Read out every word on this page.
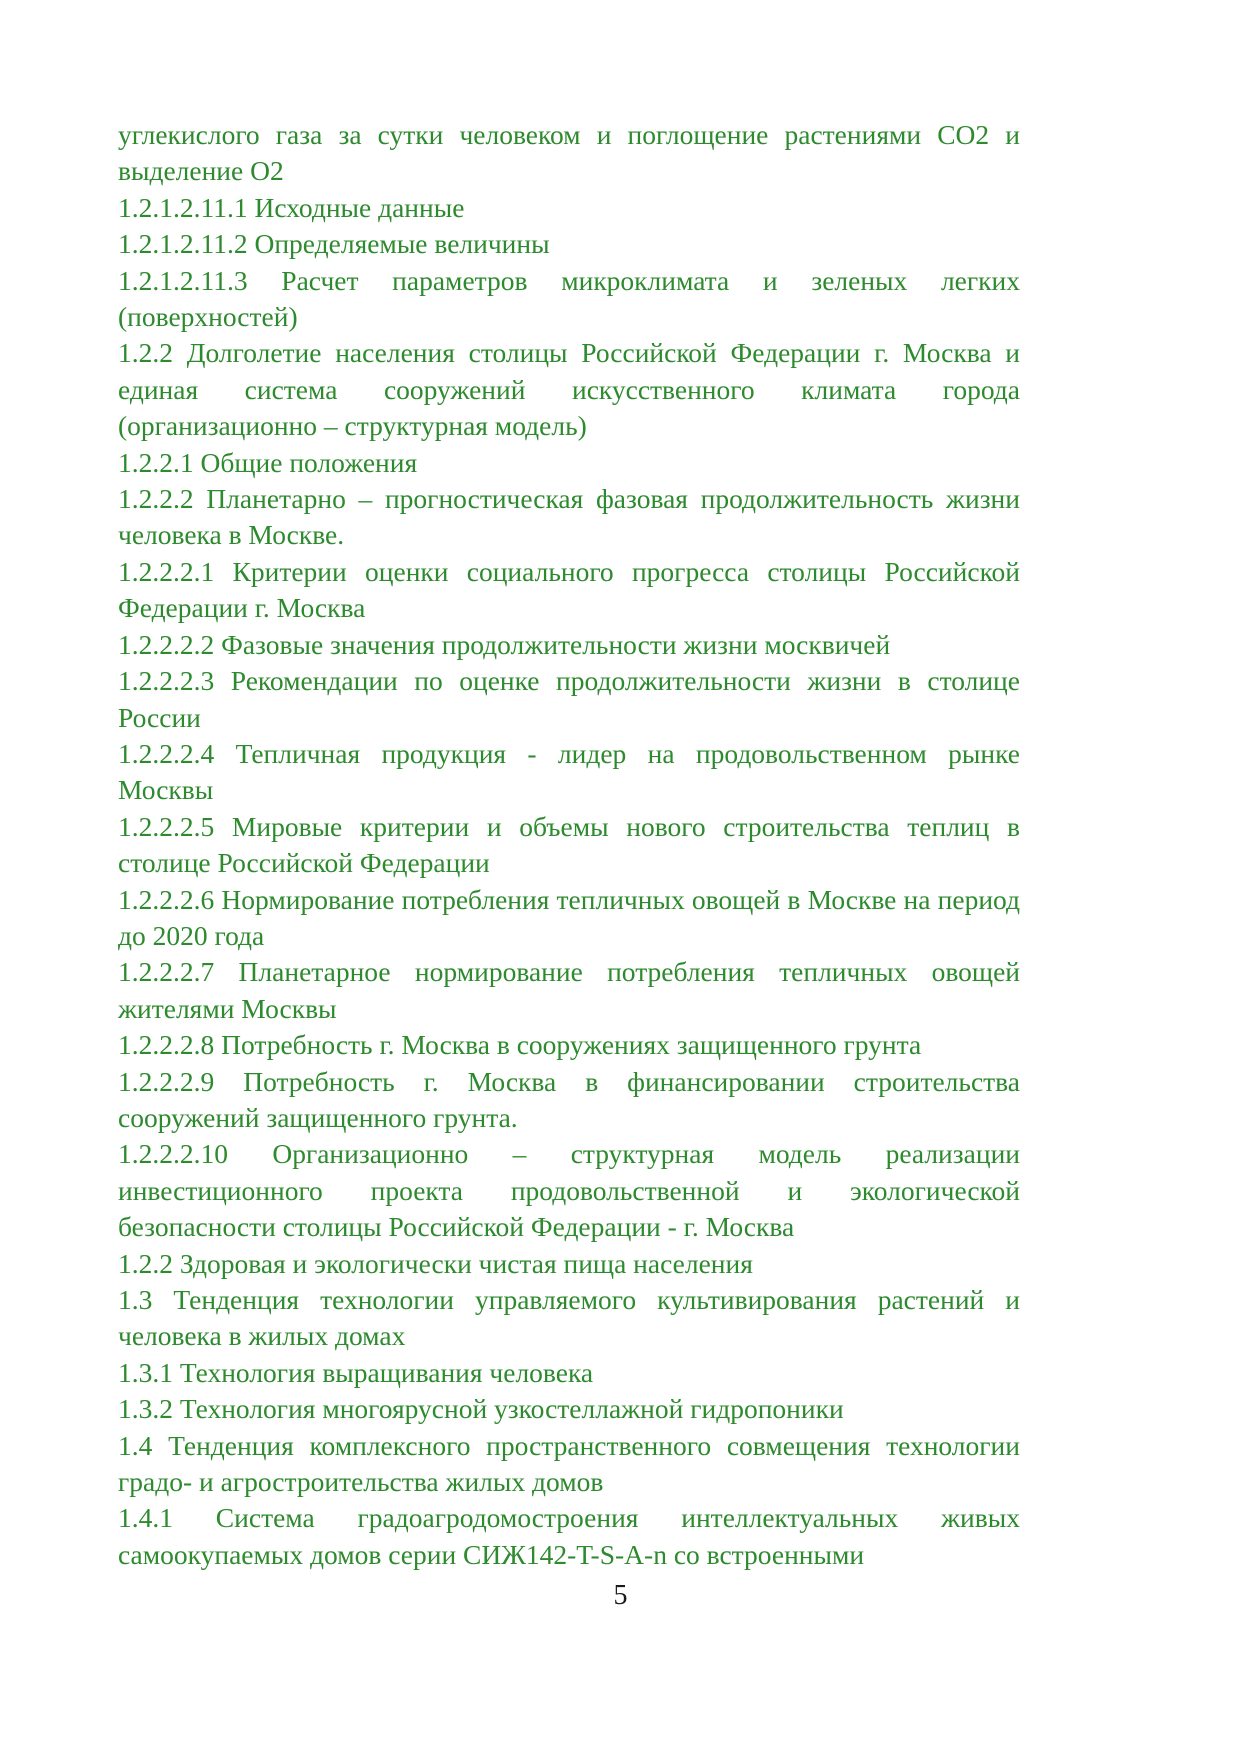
углекислого газа за сутки человеком и поглощение растениями СО2 и выделение О2

1.2.1.2.11.1 Исходные данные

1.2.1.2.11.2 Определяемые величины

1.2.1.2.11.3 Расчет параметров микроклимата и зеленых легких (поверхностей)

1.2.2 Долголетие населения столицы Российской Федерации г. Москва и единая система сооружений искусственного климата города (организационно – структурная модель)

1.2.2.1 Общие положения

1.2.2.2 Планетарно – прогностическая фазовая продолжительность жизни человека в Москве.

1.2.2.2.1 Критерии оценки социального прогресса столицы Российской Федерации г. Москва

1.2.2.2.2 Фазовые значения продолжительности жизни москвичей

1.2.2.2.3 Рекомендации по оценке продолжительности жизни в столице России

1.2.2.2.4 Тепличная продукция - лидер на продовольственном рынке Москвы

1.2.2.2.5 Мировые критерии и объемы нового строительства теплиц в столице Российской Федерации

1.2.2.2.6 Нормирование потребления тепличных овощей в Москве на период до 2020 года

1.2.2.2.7 Планетарное нормирование потребления тепличных овощей жителями Москвы

1.2.2.2.8 Потребность г. Москва в сооружениях защищенного грунта

1.2.2.2.9 Потребность г. Москва в финансировании строительства сооружений защищенного грунта.

1.2.2.2.10 Организационно – структурная модель реализации инвестиционного проекта продовольственной и экологической безопасности столицы Российской Федерации - г. Москва

1.2.2 Здоровая и экологически чистая пища населения

1.3 Тенденция технологии управляемого культивирования растений и человека в жилых домах

1.3.1 Технология выращивания человека

1.3.2 Технология многоярусной узкостеллажной гидропоники

1.4 Тенденция комплексного пространственного совмещения технологии градо- и агростроительства жилых домов

1.4.1 Система градоагродомостроения интеллектуальных живых самоокупаемых домов серии СИЖ142-T-S-A-n со встроенными

5
